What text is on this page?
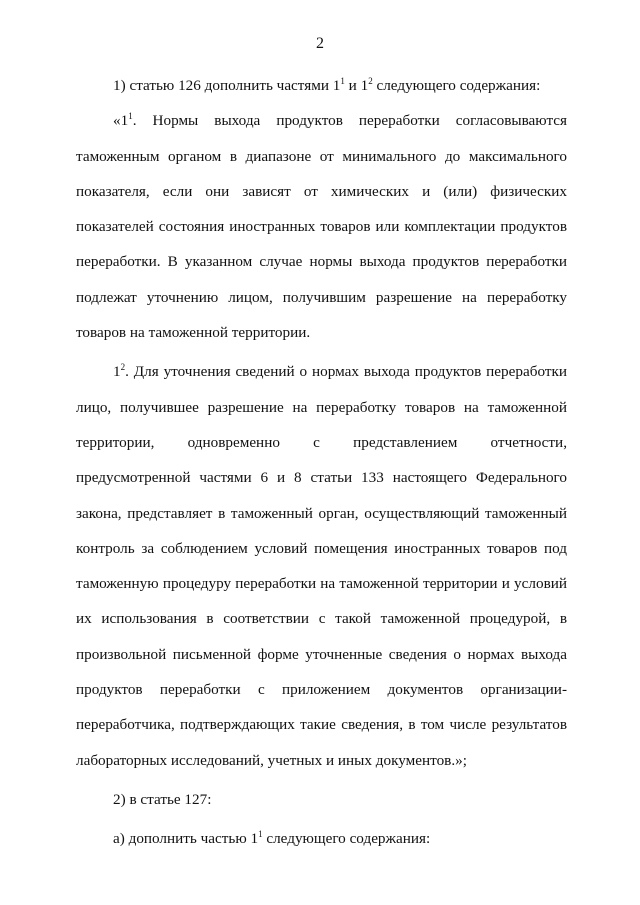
2
1) статью 126 дополнить частями $1^1$ и $1^2$ следующего содержания:
«$1^1$. Нормы выхода продуктов переработки согласовываются
таможенным органом в диапазоне от минимального до максимального
показателя, если они зависят от химических и (или) физических
показателей состояния иностранных товаров или комплектации продуктов
переработки. В указанном случае нормы выхода продуктов переработки
подлежат уточнению лицом, получившим разрешение на переработку
товаров на таможенной территории.
$1^2$. Для уточнения сведений о нормах выхода продуктов переработки
лицо, получившее разрешение на переработку товаров на таможенной
территории, одновременно с представлением отчетности,
предусмотренной частями 6 и 8 статьи 133 настоящего Федерального
закона, представляет в таможенный орган, осуществляющий таможенный
контроль за соблюдением условий помещения иностранных товаров под
таможенную процедуру переработки на таможенной территории и условий
их использования в соответствии с такой таможенной процедурой, в
произвольной письменной форме уточненные сведения о нормах выхода
продуктов переработки с приложением документов организации-
переработчика, подтверждающих такие сведения, в том числе результатов
лабораторных исследований, учетных и иных документов.»;
2) в статье 127:
а) дополнить частью $1^1$ следующего содержания:
